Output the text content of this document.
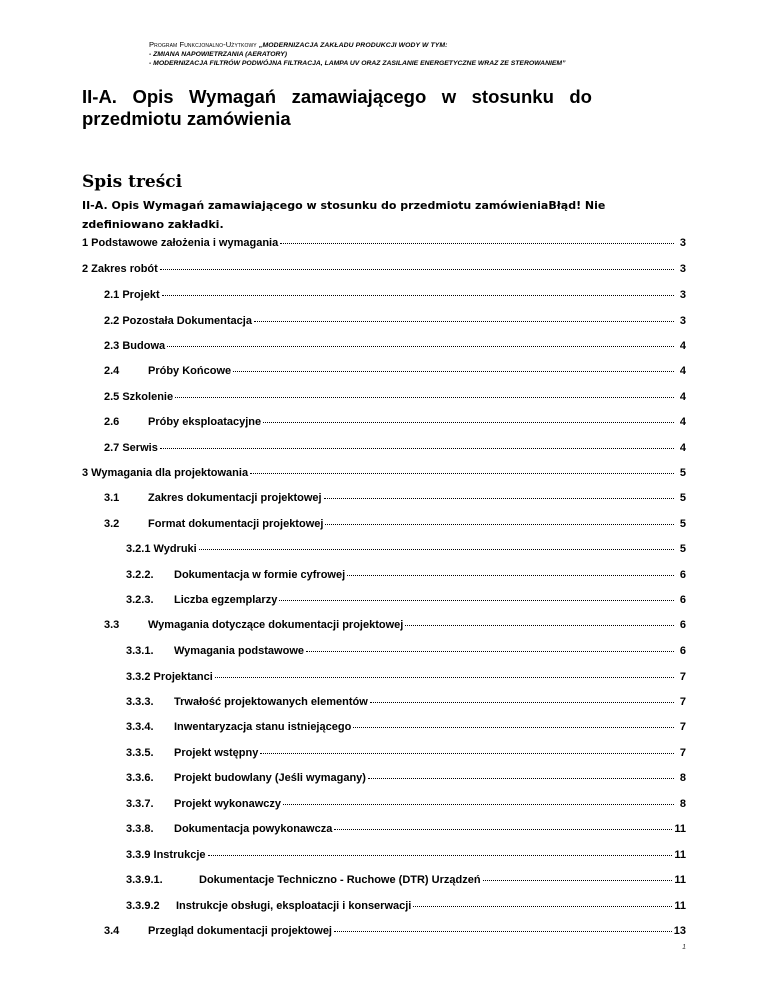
Program Funkcjonalno-Użytkowy „MODERNIZACJA ZAKŁADU PRODUKCJI WODY W TYM:
- ZMIANA NAPOWIETRZANIA (AERATORY)
- MODERNIZACJA FILTRÓW PODWÓJNA FILTRACJA, LAMPA UV ORAZ ZASILANIE ENERGETYCZNE WRAZ ZE STEROWANIEM”
II-A. Opis Wymagań zamawiającego w stosunku do
przedmiotu zamówienia
Spis treści
II-A. Opis Wymagań zamawiającego w stosunku do przedmiotu zamówieniaBłąd! Nie zdefiniowano zakładki.
1 Podstawowe założenia i wymagania	3
2 Zakres robót	3
2.1 Projekt	3
2.2 Pozostała Dokumentacja	3
2.3 Budowa	4
2.4	Próby Końcowe	4
2.5 Szkolenie	4
2.6	Próby eksploatacyjne	4
2.7 Serwis	4
3 Wymagania dla projektowania	5
3.1	Zakres dokumentacji projektowej	5
3.2	Format dokumentacji projektowej	5
3.2.1 Wydruki	5
3.2.2.	Dokumentacja w formie cyfrowej	6
3.2.3.	Liczba egzemplarzy	6
3.3	Wymagania dotyczące dokumentacji projektowej	6
3.3.1.	Wymagania podstawowe	6
3.3.2 Projektanci	7
3.3.3.	Trwałość projektowanych elementów	7
3.3.4.	Inwentaryzacja stanu istniejącego	7
3.3.5.	Projekt wstępny	7
3.3.6.	Projekt budowlany (Jeśli wymagany)	8
3.3.7.	Projekt wykonawczy	8
3.3.8.	Dokumentacja powykonawcza	11
3.3.9 Instrukcje	11
3.3.9.1.	Dokumentacje Techniczno - Ruchowe (DTR) Urządzeń	11
3.3.9.2	Instrukcje obsługi, eksploatacji i konserwacji	11
3.4	Przegląd dokumentacji projektowej	13
1
